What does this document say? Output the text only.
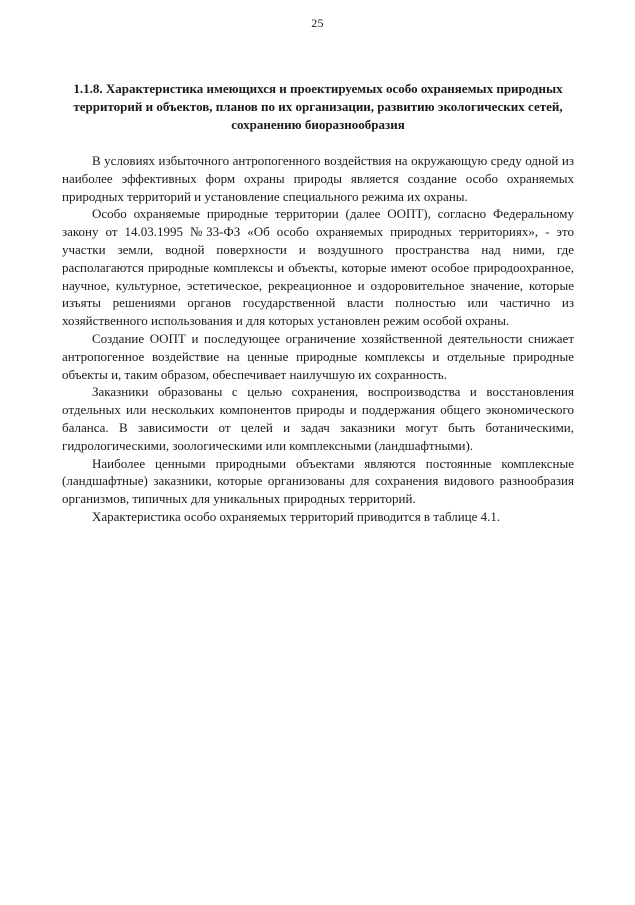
25
1.1.8. Характеристика имеющихся и проектируемых особо охраняемых природных территорий и объектов, планов по их организации, развитию экологических сетей, сохранению биоразнообразия

В условиях избыточного антропогенного воздействия на окружающую среду одной из наиболее эффективных форм охраны природы является создание особо охраняемых природных территорий и установление специального режима их охраны.

Особо охраняемые природные территории (далее ООПТ), согласно Федеральному закону от 14.03.1995 №33-ФЗ «Об особо охраняемых природных территориях», - это участки земли, водной поверхности и воздушного пространства над ними, где располагаются природные комплексы и объекты, которые имеют особое природоохранное, научное, культурное, эстетическое, рекреационное и оздоровительное значение, которые изъяты решениями органов государственной власти полностью или частично из хозяйственного использования и для которых установлен режим особой охраны.

Создание ООПТ и последующее ограничение хозяйственной деятельности снижает антропогенное воздействие на ценные природные комплексы и отдельные природные объекты и, таким образом, обеспечивает наилучшую их сохранность.

Заказники образованы с целью сохранения, воспроизводства и восстановления отдельных или нескольких компонентов природы и поддержания общего экономического баланса. В зависимости от целей и задач заказники могут быть ботаническими, гидрологическими, зоологическими или комплексными (ландшафтными).

Наиболее ценными природными объектами являются постоянные комплексные (ландшафтные) заказники, которые организованы для сохранения видового разнообразия организмов, типичных для уникальных природных территорий.

Характеристика особо охраняемых территорий приводится в таблице 4.1.
